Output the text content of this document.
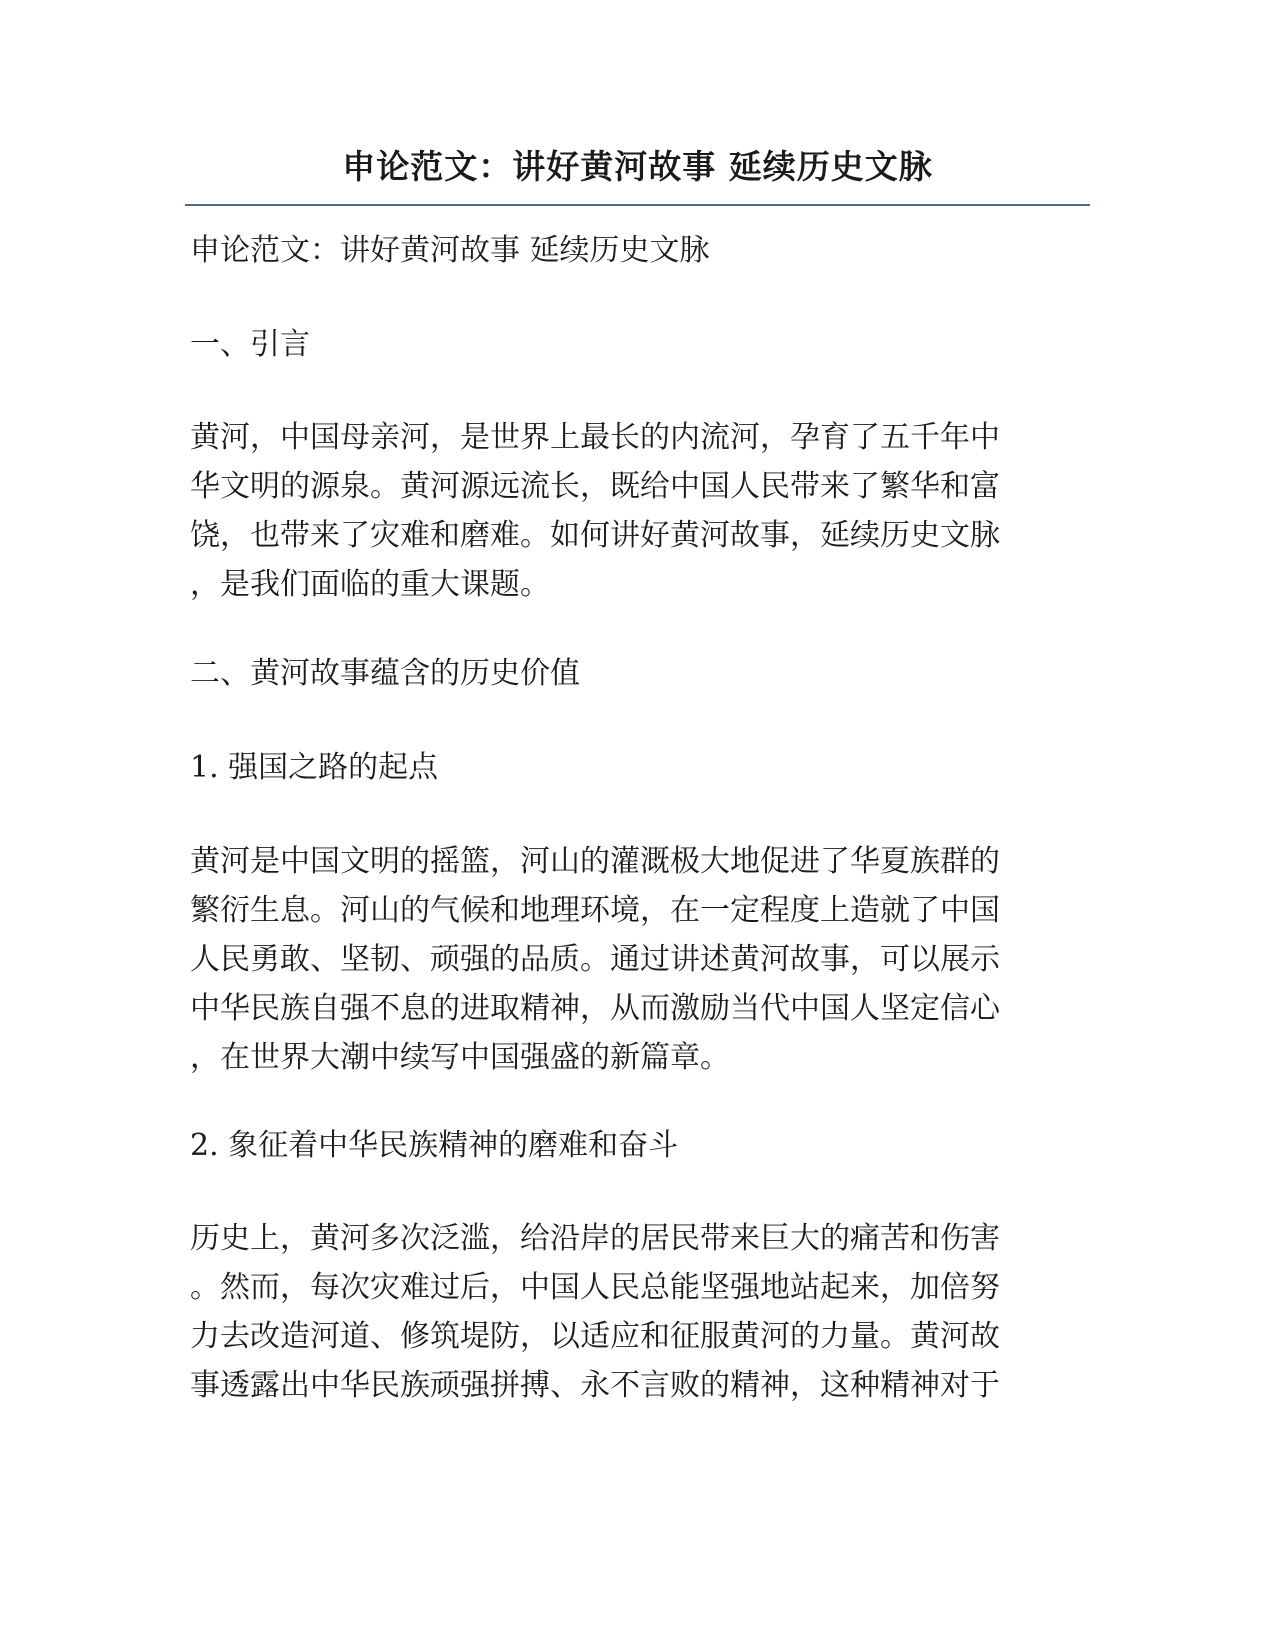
申论范文：讲好黄河故事 延续历史文脉
申论范文：讲好黄河故事 延续历史文脉
一、引言
黄河，中国母亲河，是世界上最长的内流河，孕育了五千年中
华文明的源泉。黄河源远流长，既给中国人民带来了繁华和富
饶，也带来了灾难和磨难。如何讲好黄河故事，延续历史文脉
，是我们面临的重大课题。
二、黄河故事蕴含的历史价值
1. 强国之路的起点
黄河是中国文明的摇篮，河山的灌溉极大地促进了华夏族群的
繁衍生息。河山的气候和地理环境，在一定程度上造就了中国
人民勇敢、坚韧、顽强的品质。通过讲述黄河故事，可以展示
中华民族自强不息的进取精神，从而激励当代中国人坚定信心
，在世界大潮中续写中国强盛的新篇章。
2. 象征着中华民族精神的磨难和奋斗
历史上，黄河多次泛滥，给沿岸的居民带来巨大的痛苦和伤害
。然而，每次灾难过后，中国人民总能坚强地站起来，加倍努
力去改造河道、修筑堤防，以适应和征服黄河的力量。黄河故
事透露出中华民族顽强拼搏、永不言败的精神，这种精神对于
